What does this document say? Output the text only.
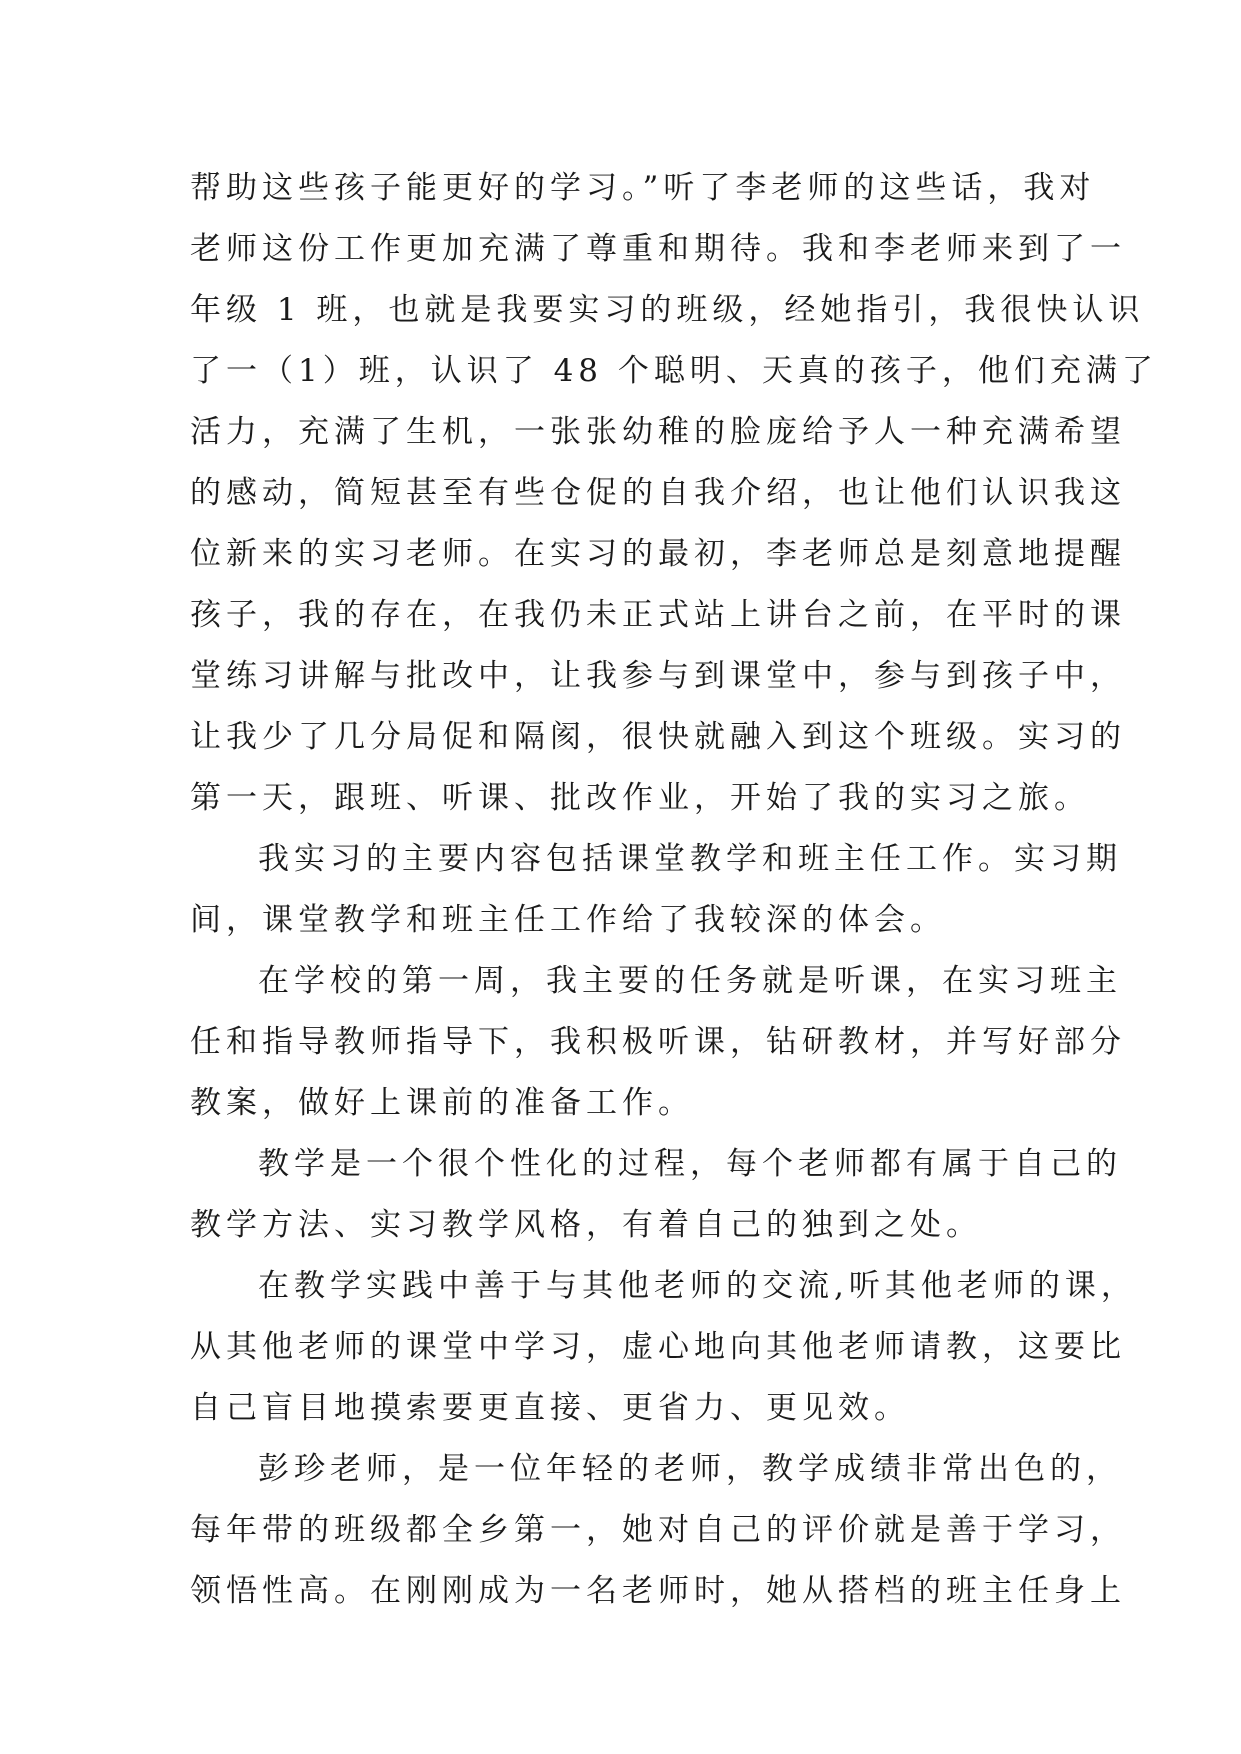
帮助这些孩子能更好的学习。”听了李老师的这些话，我对
老师这份工作更加充满了尊重和期待。我和李老师来到了一
年级 1 班，也就是我要实习的班级，经她指引，我很快认识
了一（1）班，认识了 48 个聪明、天真的孩子，他们充满了
活力，充满了生机，一张张幼稚的脸庞给予人一种充满希望
的感动，简短甚至有些仓促的自我介绍，也让他们认识我这
位新来的实习老师。在实习的最初，李老师总是刻意地提醒
孩子，我的存在，在我仍未正式站上讲台之前，在平时的课
堂练习讲解与批改中，让我参与到课堂中，参与到孩子中，
让我少了几分局促和隔阂，很快就融入到这个班级。实习的
第一天，跟班、听课、批改作业，开始了我的实习之旅。
我实习的主要内容包括课堂教学和班主任工作。实习期
间，课堂教学和班主任工作给了我较深的体会。
在学校的第一周，我主要的任务就是听课，在实习班主
任和指导教师指导下，我积极听课，钻研教材，并写好部分
教案，做好上课前的准备工作。
教学是一个很个性化的过程，每个老师都有属于自己的
教学方法、实习教学风格，有着自己的独到之处。
在教学实践中善于与其他老师的交流,听其他老师的课，
从其他老师的课堂中学习，虚心地向其他老师请教，这要比
自己盲目地摸索要更直接、更省力、更见效。
彭珍老师，是一位年轻的老师，教学成绩非常出色的，
每年带的班级都全乡第一，她对自己的评价就是善于学习，
领悟性高。在刚刚成为一名老师时，她从搭档的班主任身上
